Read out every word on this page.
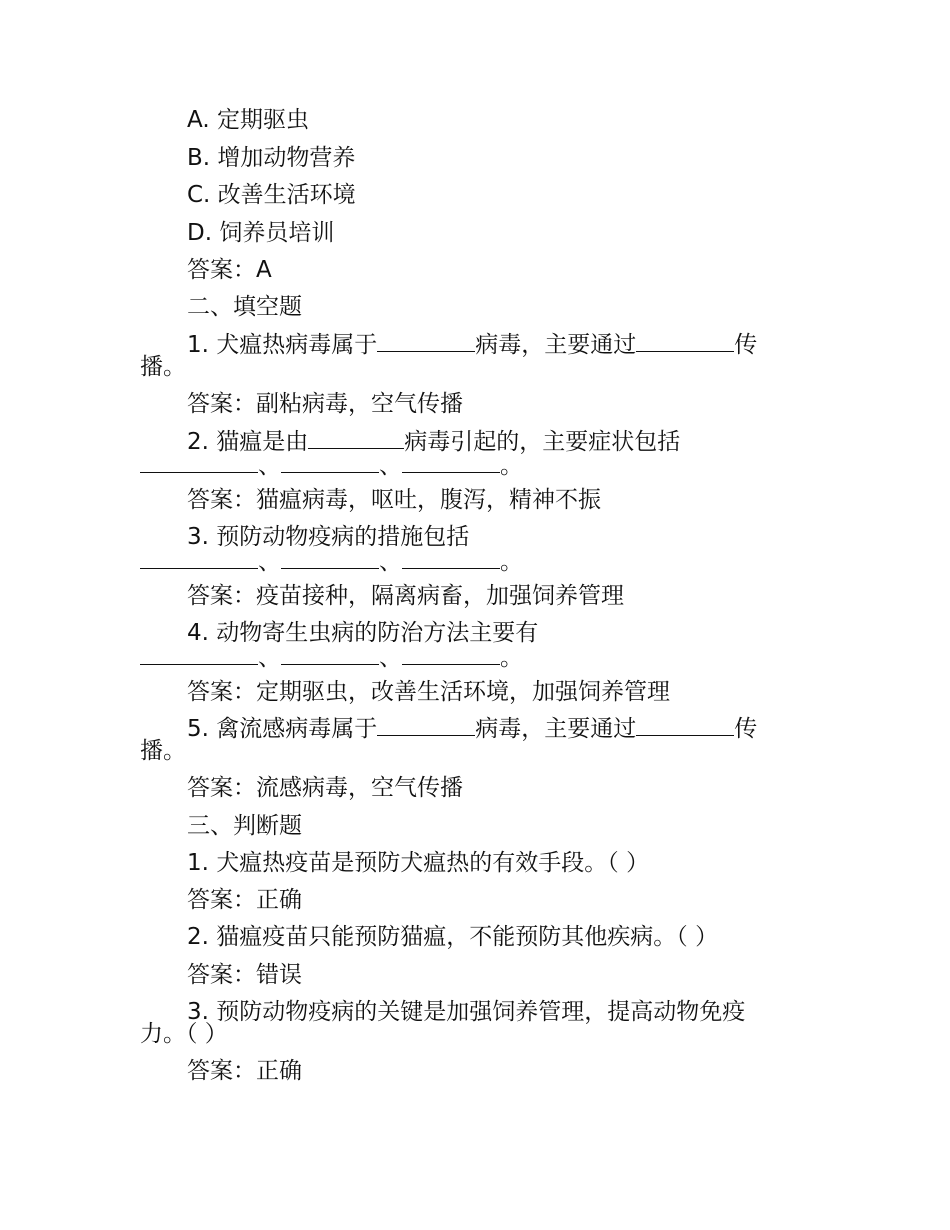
A. 定期驱虫
B. 增加动物营养
C. 改善生活环境
D. 饲养员培训
答案：A
二、填空题
1. 犬瘟热病毒属于	病毒，主要通过	传
播。
答案：副粘病毒，空气传播
2. 猫瘟是由	病毒引起的，主要症状包括
、	、	。
答案：猫瘟病毒，呕吐，腹泻，精神不振
3. 预防动物疫病的措施包括
、	、	。
答案：疫苗接种，隔离病畜，加强饲养管理
4. 动物寄生虫病的防治方法主要有
、	、	。
答案：定期驱虫，改善生活环境，加强饲养管理
5. 禽流感病毒属于	病毒，主要通过	传
播。
答案：流感病毒，空气传播
三、判断题
1. 犬瘟热疫苗是预防犬瘟热的有效手段。（ ）
答案：正确
2. 猫瘟疫苗只能预防猫瘟，不能预防其他疾病。（ ）
答案：错误
3. 预防动物疫病的关键是加强饲养管理，提高动物免疫
力。（ ）
答案：正确
